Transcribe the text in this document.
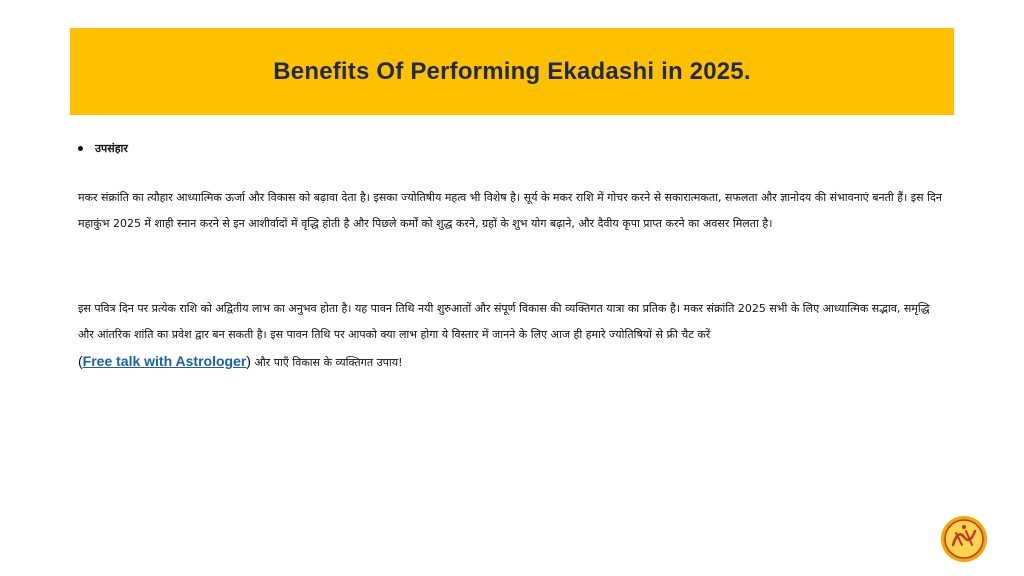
Benefits Of Performing Ekadashi in 2025.
उपसंहार
मकर संक्रांति का त्यौहार आध्यात्मिक ऊर्जा और विकास को बढ़ावा देता है। इसका ज्योतिषीय महत्व भी विशेष है। सूर्य के मकर राशि में गोचर करने से सकारात्मकता, सफलता और ज्ञानोदय की संभावनाएं बनती हैं। इस दिन महाकुंभ 2025 में शाही स्नान करने से इन आशीर्वादों में वृद्धि होती है और पिछले कर्मों को शुद्ध करने, ग्रहों के शुभ योग बढ़ाने, और दैवीय कृपा प्राप्त करने का अवसर मिलता है।
इस पवित्र दिन पर प्रत्येक राशि को अद्वितीय लाभ का अनुभव होता है। यह पावन तिथि नयी शुरुआतों और संपूर्ण विकास की व्यक्तिगत यात्रा का प्रतिक है। मकर संक्रांति 2025 सभी के लिए आध्यात्मिक सद्भाव, समृद्धि और आंतरिक शांति का प्रवेश द्वार बन सकती है। इस पावन तिथि पर आपको क्या लाभ होगा ये विस्तार में जानने के लिए आज ही हमारे ज्योतिषियों से फ्री चैट करें
(Free talk with Astrologer) और पाएँ विकास के व्यक्तिगत उपाय!
